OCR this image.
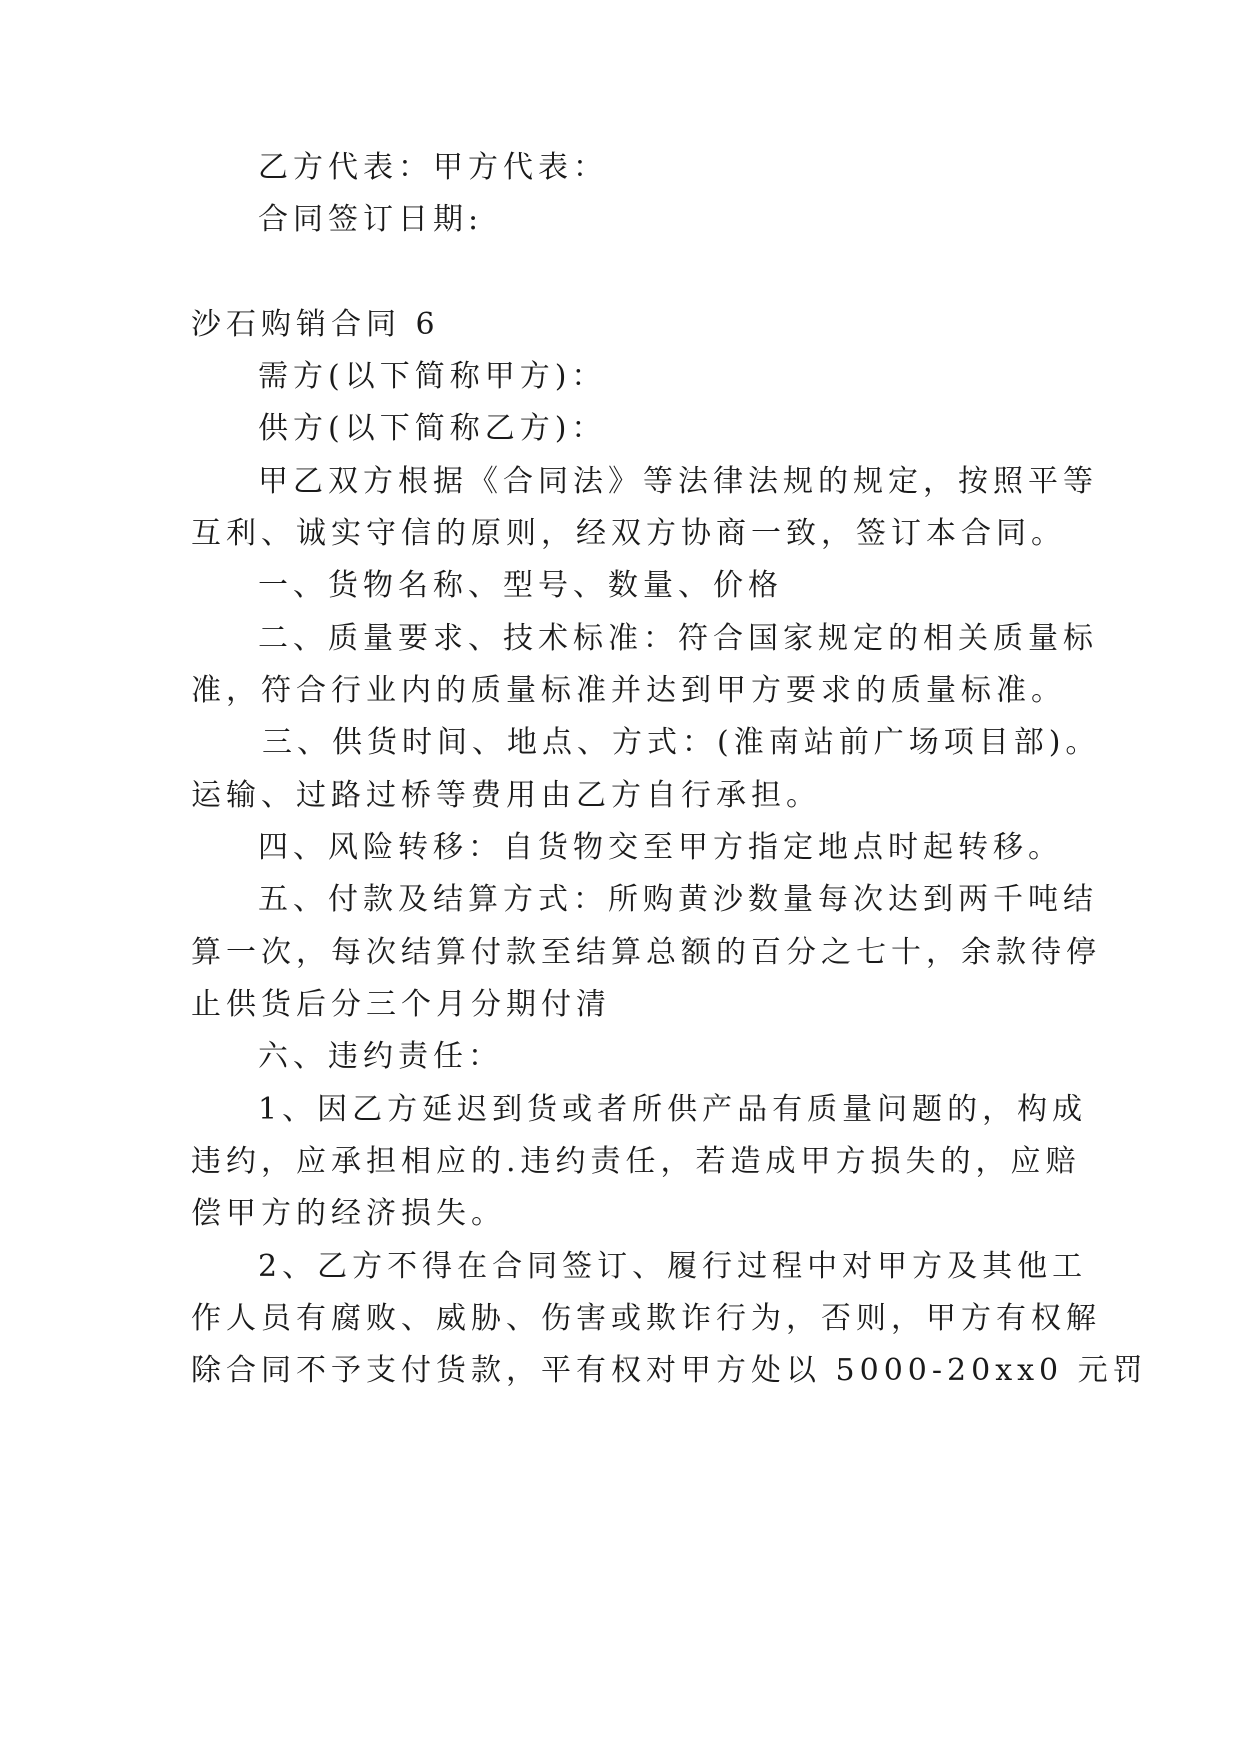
乙方代表：甲方代表：
合同签订日期:
沙石购销合同 6
需方(以下简称甲方)：
供方(以下简称乙方)：
甲乙双方根据《合同法》等法律法规的规定，按照平等
互利、诚实守信的原则，经双方协商一致，签订本合同。
一、货物名称、型号、数量、价格
二、质量要求、技术标准：符合国家规定的相关质量标
准，符合行业内的质量标准并达到甲方要求的质量标准。
三、供货时间、地点、方式：(淮南站前广场项目部)。
运输、过路过桥等费用由乙方自行承担。
四、风险转移：自货物交至甲方指定地点时起转移。
五、付款及结算方式：所购黄沙数量每次达到两千吨结
算一次，每次结算付款至结算总额的百分之七十，余款待停
止供货后分三个月分期付清
六、违约责任：
1、因乙方延迟到货或者所供产品有质量问题的，构成
违约，应承担相应的.违约责任，若造成甲方损失的，应赔
偿甲方的经济损失。
2、乙方不得在合同签订、履行过程中对甲方及其他工
作人员有腐败、威胁、伤害或欺诈行为，否则，甲方有权解
除合同不予支付货款，平有权对甲方处以 5000-20xx0 元罚
